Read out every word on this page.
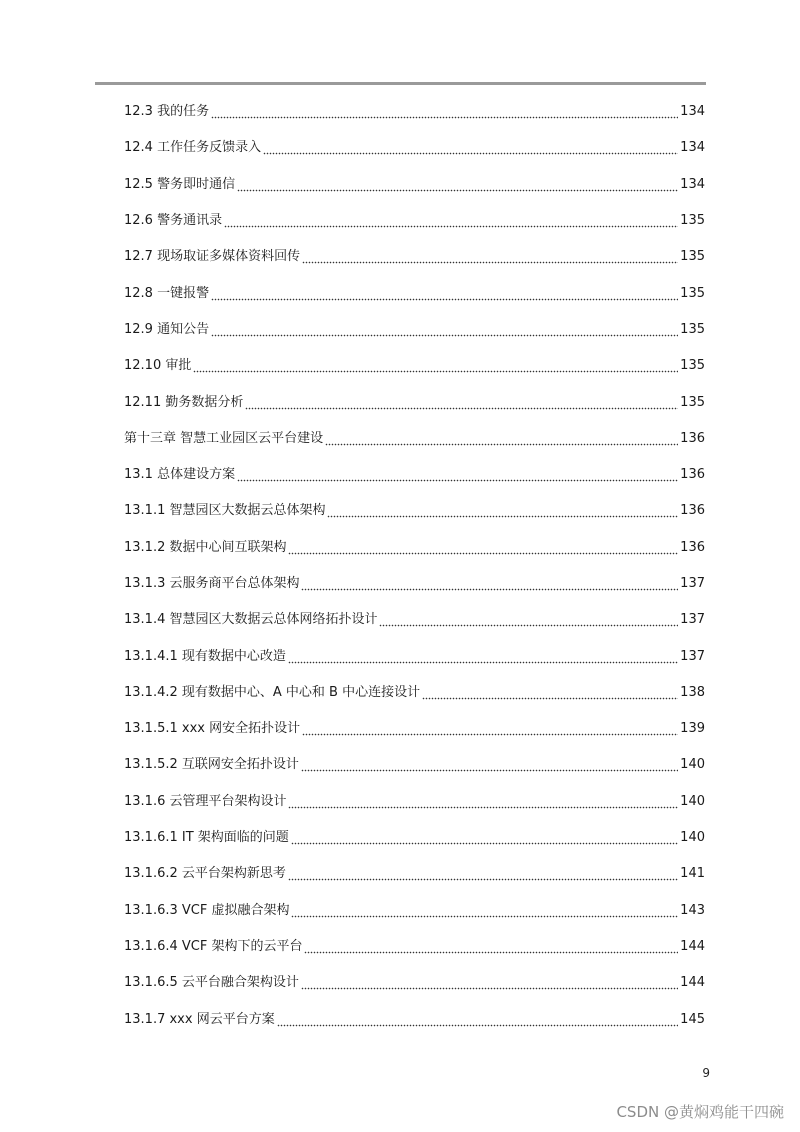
12.3 我的任务	134
12.4 工作任务反馈录入	134
12.5 警务即时通信	134
12.6 警务通讯录	135
12.7 现场取证多媒体资料回传	135
12.8 一键报警	135
12.9 通知公告	135
12.10 审批	135
12.11 勤务数据分析	135
第十三章 智慧工业园区云平台建设	136
13.1 总体建设方案	136
13.1.1 智慧园区大数据云总体架构	136
13.1.2 数据中心间互联架构	136
13.1.3 云服务商平台总体架构	137
13.1.4 智慧园区大数据云总体网络拓扑设计	137
13.1.4.1 现有数据中心改造	137
13.1.4.2 现有数据中心、A 中心和 B 中心连接设计	138
13.1.5.1 xxx 网安全拓扑设计	139
13.1.5.2 互联网安全拓扑设计	140
13.1.6 云管理平台架构设计	140
13.1.6.1 IT 架构面临的问题	140
13.1.6.2 云平台架构新思考	141
13.1.6.3 VCF 虚拟融合架构	143
13.1.6.4 VCF 架构下的云平台	144
13.1.6.5 云平台融合架构设计	144
13.1.7 xxx 网云平台方案	145
9
CSDN @黄焖鸡能干四碗
